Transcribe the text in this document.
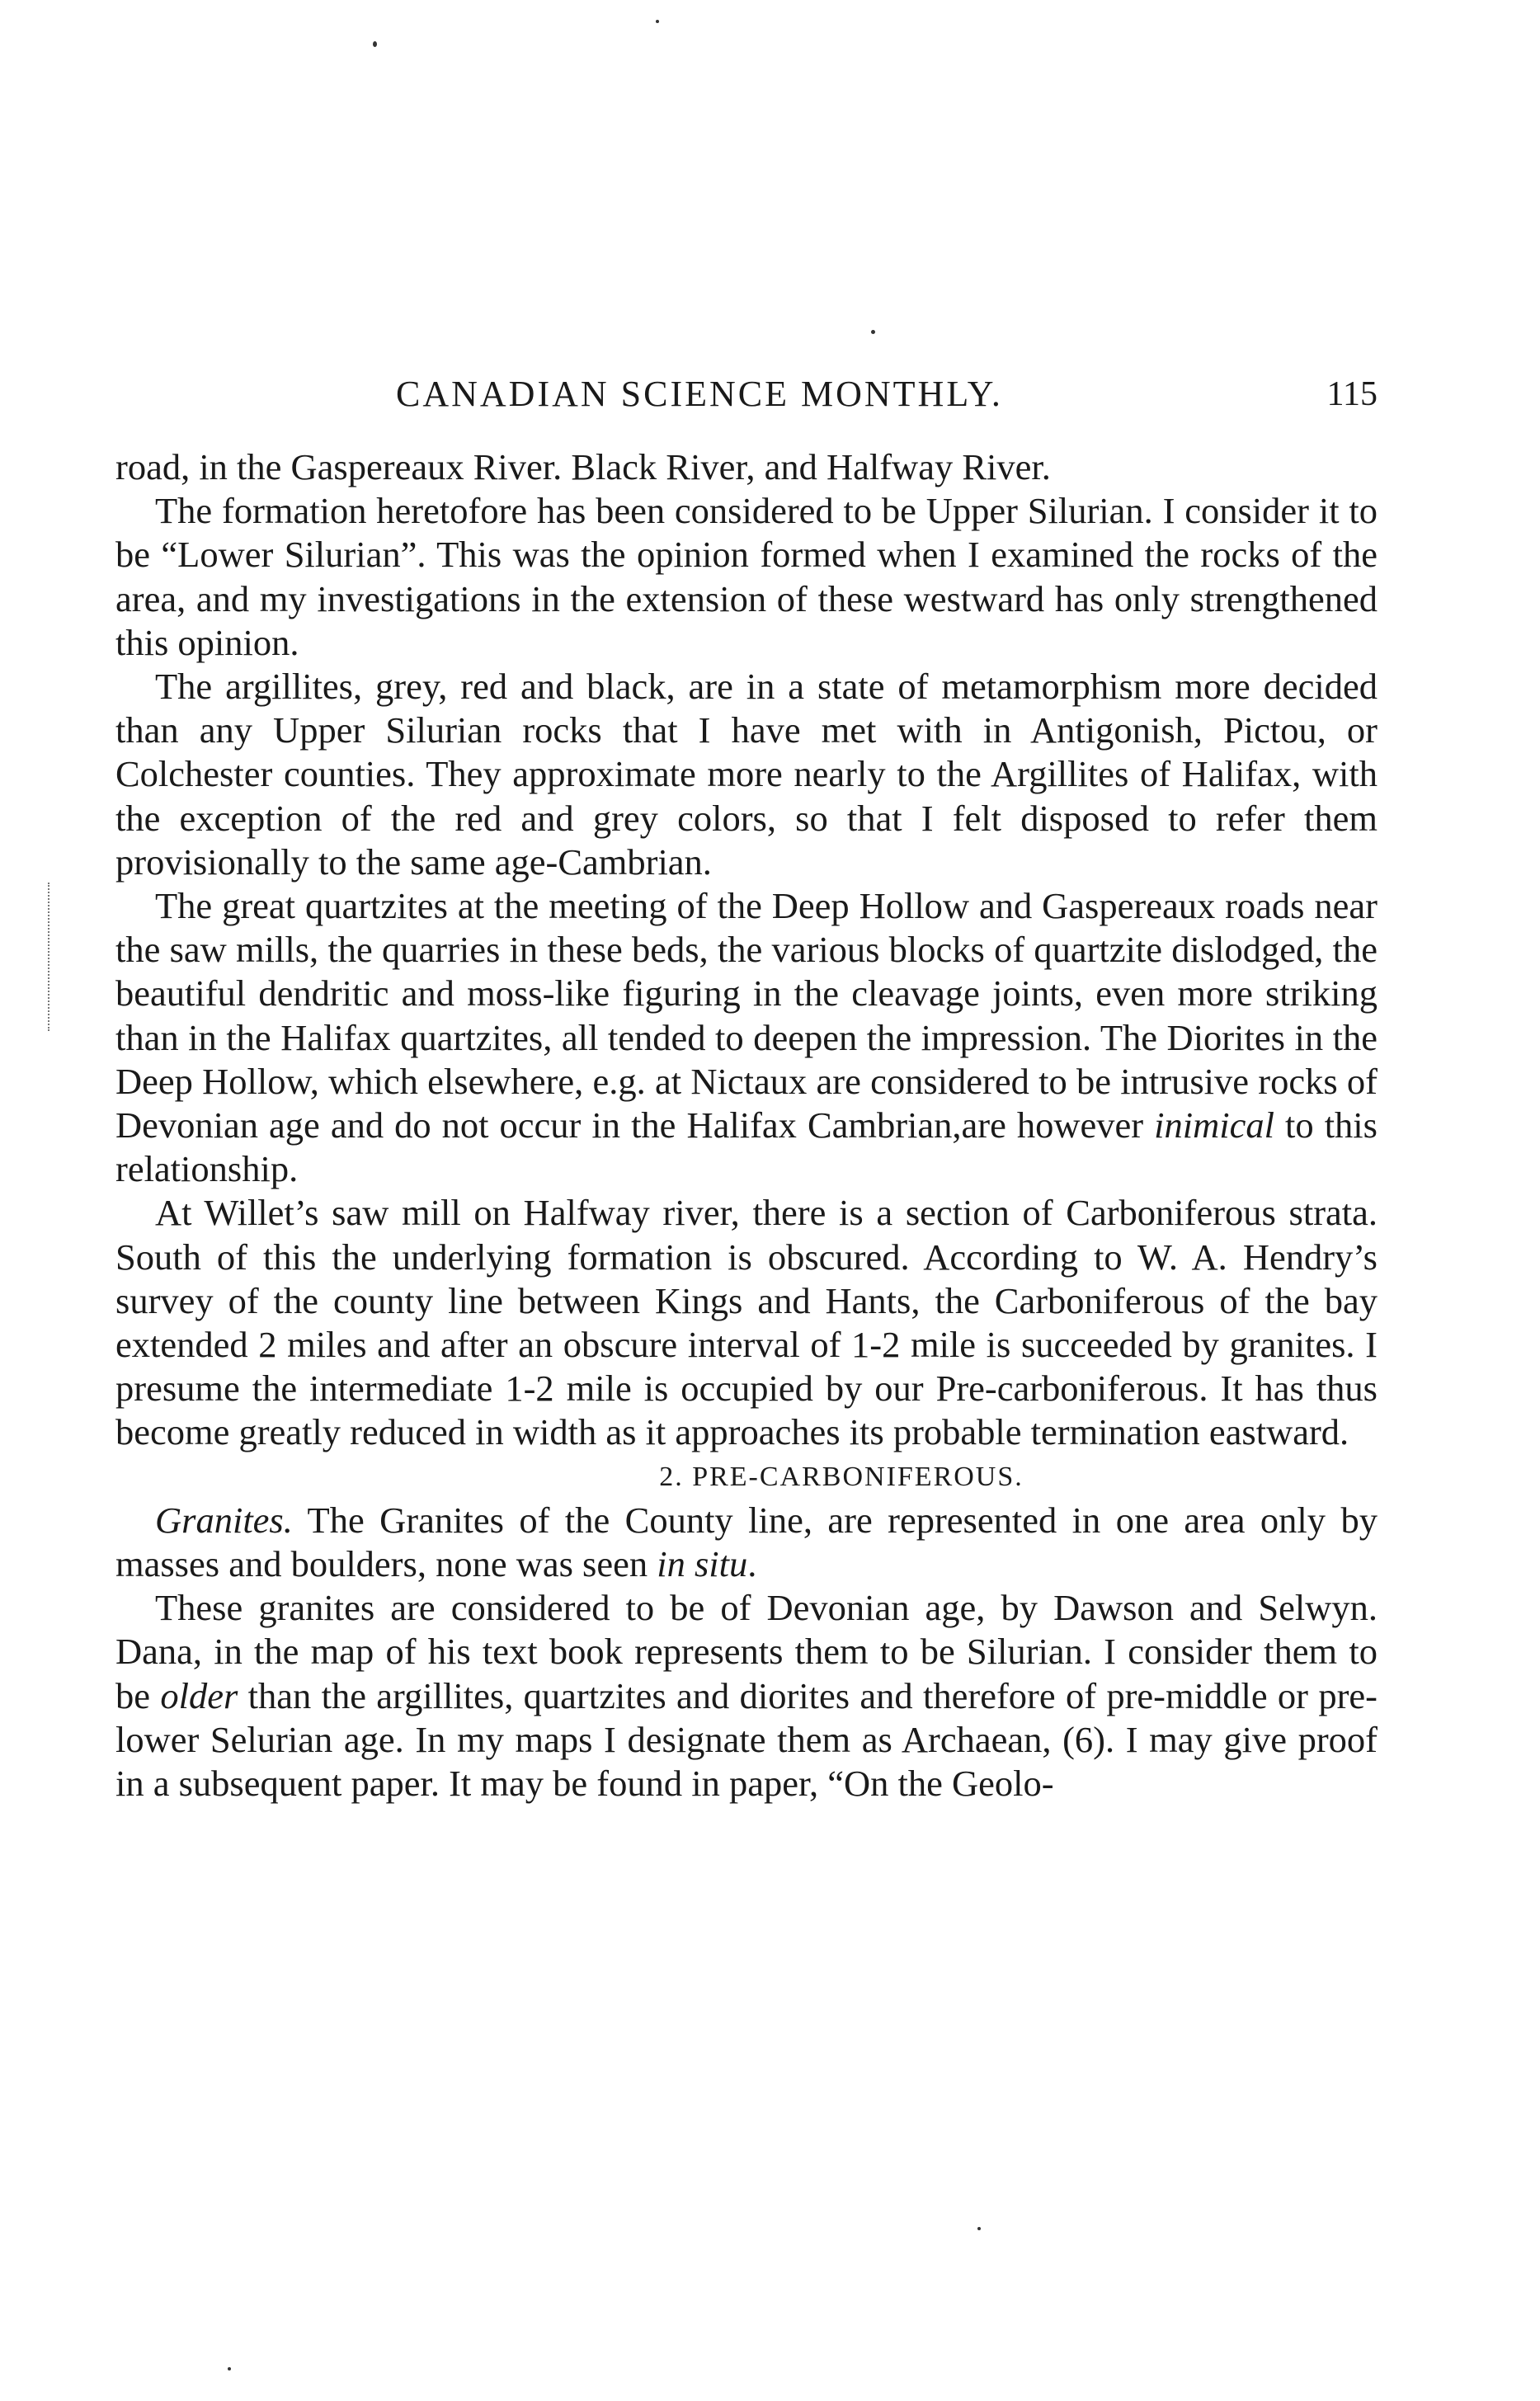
CANADIAN SCIENCE MONTHLY.	115

road, in the Gaspereaux River. Black River, and Halfway River.

The formation heretofore has been considered to be Upper Silurian. I consider it to be “Lower Silurian”. This was the opinion formed when I examined the rocks of the area, and my investigations in the extension of these westward has only strengthened this opinion.

The argillites, grey, red and black, are in a state of metamorphism more decided than any Upper Silurian rocks that I have met with in Antigonish, Pictou, or Colchester counties. They approximate more nearly to the Argillites of Halifax, with the exception of the red and grey colors, so that I felt disposed to refer them provisionally to the same age-Cambrian.

The great quartzites at the meeting of the Deep Hollow and Gaspereaux roads near the saw mills, the quarries in these beds, the various blocks of quartzite dislodged, the beautiful dendritic and moss-like figuring in the cleavage joints, even more striking than in the Halifax quartzites, all tended to deepen the impression. The Diorites in the Deep Hollow, which elsewhere, e.g. at Nictaux are considered to be intrusive rocks of Devonian age and do not occur in the Halifax Cambrian,are however inimical to this relationship.

At Willet’s saw mill on Halfway river, there is a section of Carboniferous strata. South of this the underlying formation is obscured. According to W. A. Hendry’s survey of the county line between Kings and Hants, the Carboniferous of the bay extended 2 miles and after an obscure interval of 1-2 mile is succeeded by granites. I presume the intermediate 1-2 mile is occupied by our Pre-carboniferous. It has thus become greatly reduced in width as it approaches its probable termination eastward.

2. PRE-CARBONIFEROUS.

Granites. The Granites of the County line, are represented in one area only by masses and boulders, none was seen in situ.

These granites are considered to be of Devonian age, by Dawson and Selwyn. Dana, in the map of his text book represents them to be Silurian. I consider them to be older than the argillites, quartzites and diorites and therefore of pre-middle or pre-lower Selurian age. In my maps I designate them as Archaean, (6). I may give proof in a subsequent paper. It may be found in paper, “On the Geolo-
